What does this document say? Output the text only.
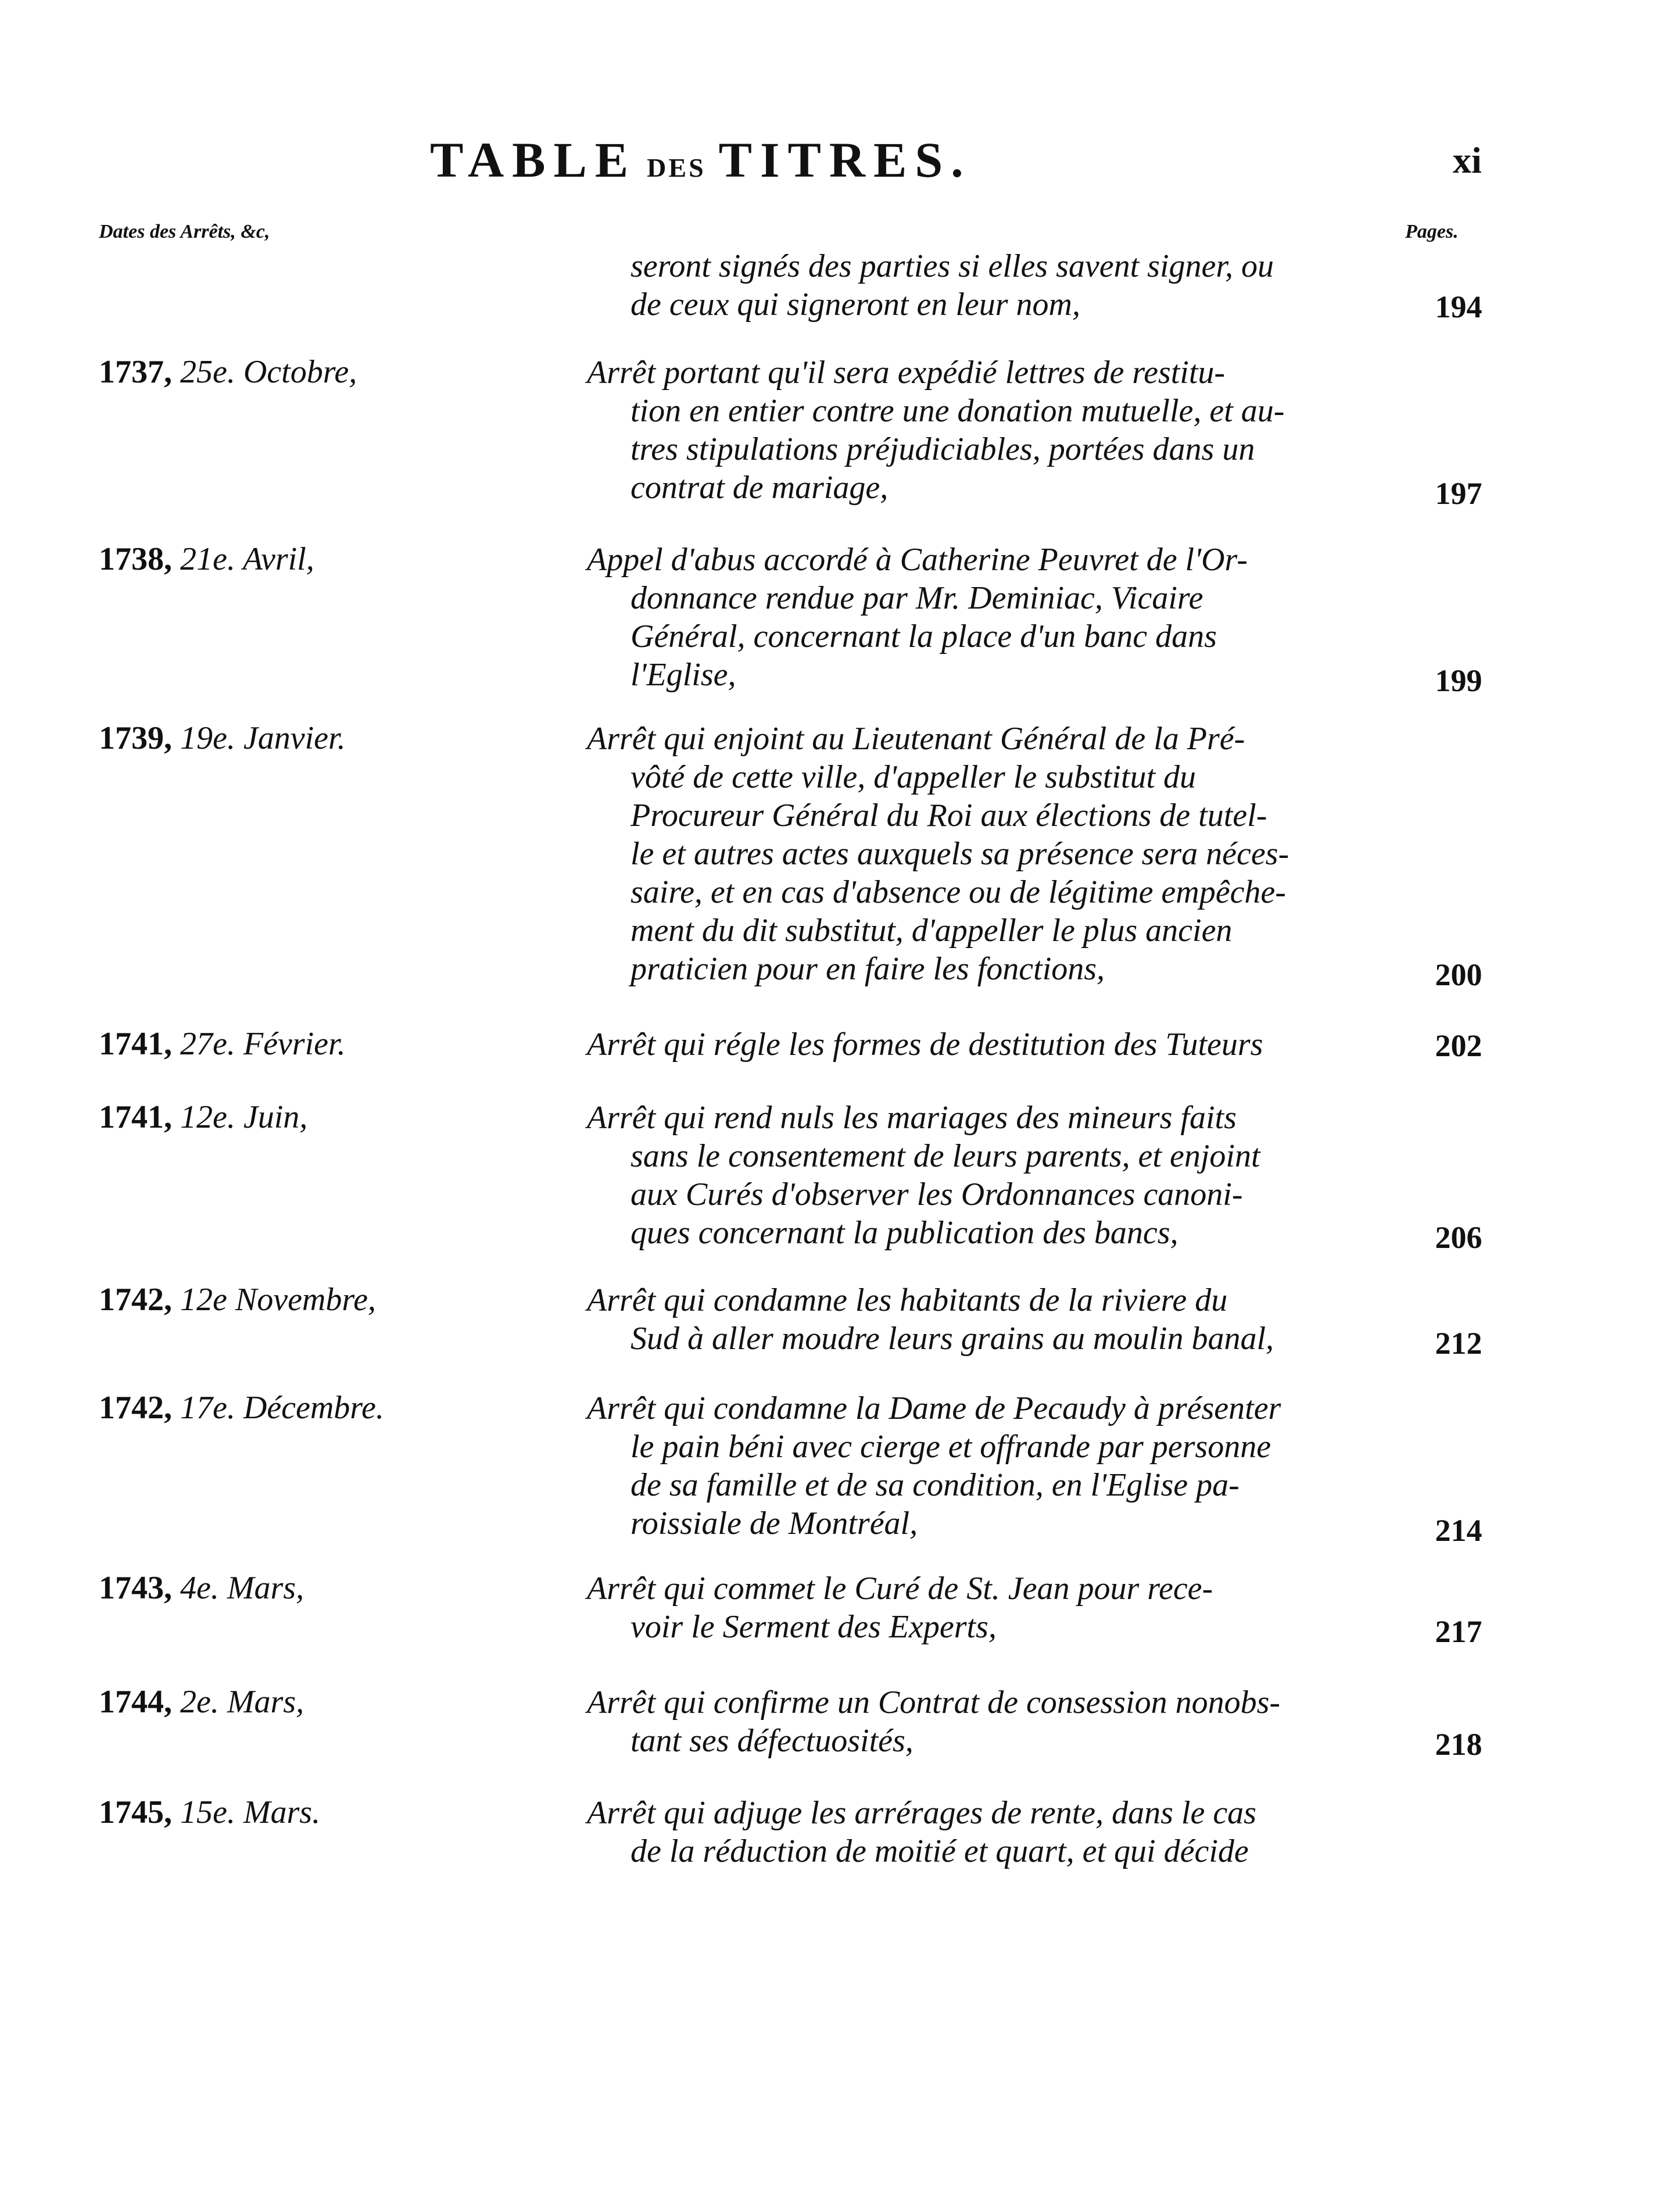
TABLE DES TITRES.	xi
Dates des Arrêts, &c,	Pages.
seront signés des parties si elles savent signer, ou
de ceux qui signeront en leur nom,	194
1737, 25e. Octobre,	Arrêt portant qu'il sera expédié lettres de restitu-
tion en entier contre une donation mutuelle, et au-
tres stipulations préjudiciables, portées dans un
contrat de mariage,	197
1738, 21e. Avril,	Appel d'abus accordé à Catherine Peuvret de l'Or-
donnance rendue par Mr. Deminiac, Vicaire
Général, concernant la place d'un banc dans
l'Eglise,	199
1739, 19e. Janvier.	Arrêt qui enjoint au Lieutenant Général de la Pré-
vôté de cette ville, d'appeller le substitut du
Procureur Général du Roi aux élections de tutel-
le et autres actes auxquels sa présence sera néces-
saire, et en cas d'absence ou de légitime empêche-
ment du dit substitut, d'appeller le plus ancien
praticien pour en faire les fonctions,	200
1741, 27e. Février.	Arrêt qui régle les formes de destitution des Tuteurs	202
1741, 12e. Juin,	Arrêt qui rend nuls les mariages des mineurs faits
sans le consentement de leurs parents, et enjoint
aux Curés d'observer les Ordonnances canoni-
ques concernant la publication des bancs,	206
1742, 12e Novembre,	Arrêt qui condamne les habitants de la riviere du
Sud à aller moudre leurs grains au moulin banal,	212
1742, 17e. Décembre.	Arrêt qui condamne la Dame de Pecaudy à présenter
le pain béni avec cierge et offrande par personne
de sa famille et de sa condition, en l'Eglise pa-
roissiale de Montréal,	214
1743, 4e. Mars,	Arrêt qui commet le Curé de St. Jean pour rece-
voir le Serment des Experts,	217
1744, 2e. Mars,	Arrêt qui confirme un Contrat de consession nonobs-
tant ses défectuosités,	218
1745, 15e. Mars.	Arrêt qui adjuge les arrérages de rente, dans le cas
de la réduction de moitié et quart, et qui décide
